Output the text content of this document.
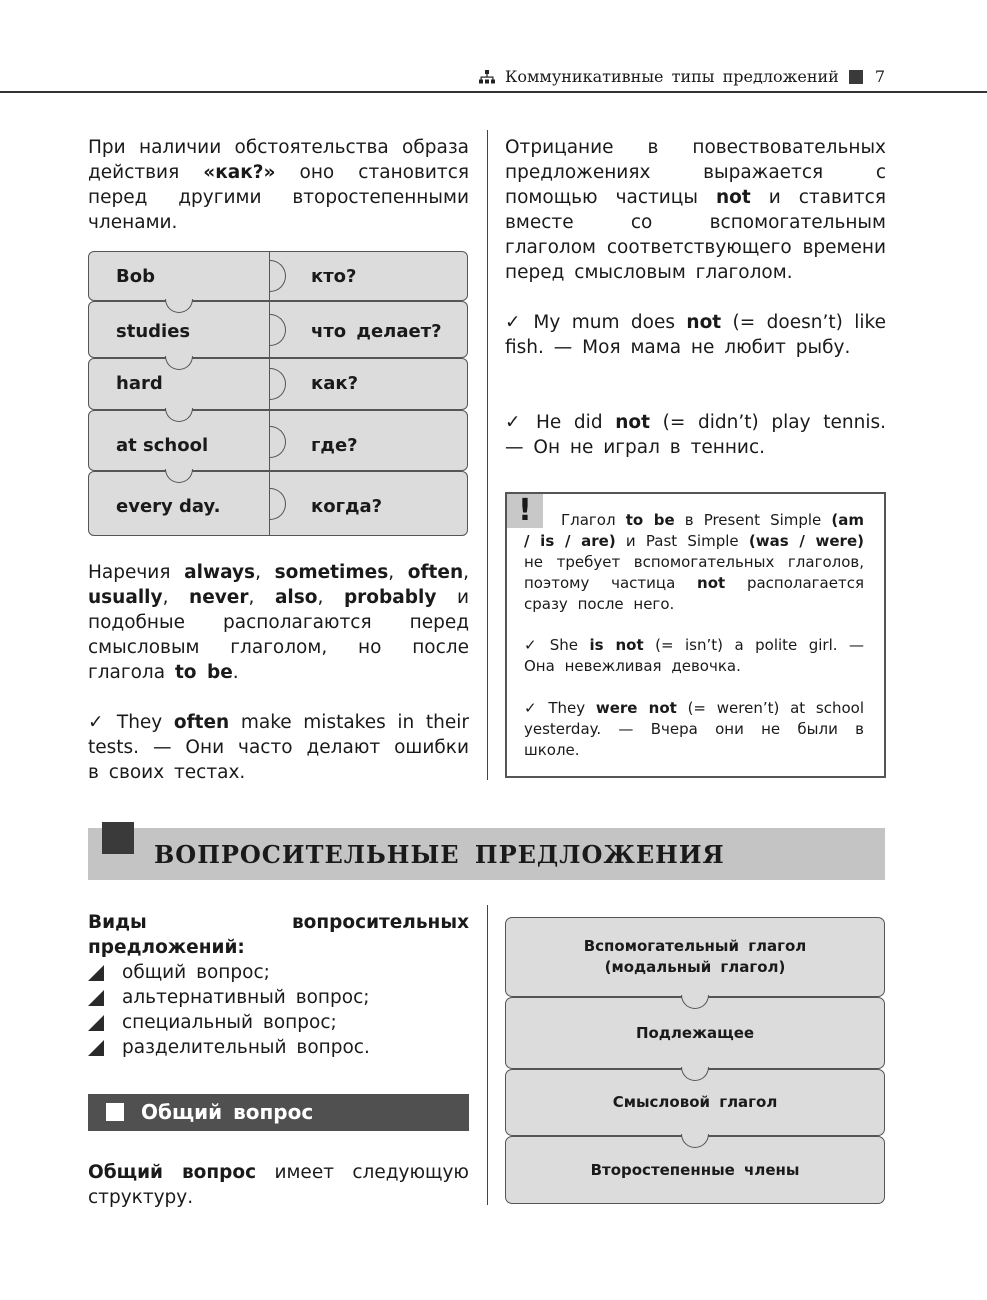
Коммуникативные типы предложений 7
При наличии обстоятельства образа действия «как?» оно становится перед другими второстепенными членами.
Bob	кто?
studies	что делает?
hard	как?
at school	где?
every day.	когда?
Наречия always, sometimes, often, usually, never, also, probably и подобные располагаются перед смысловым глаголом, но после глагола to be.
✓ They often make mistakes in their tests. — Они часто делают ошибки в своих тестах.
Отрицание в повествовательных предложениях выражается с помощью частицы not и ставится вместе со вспомогательным глаголом соответствующего времени перед смысловым глаголом.
✓ My mum does not (= doesn’t) like fish. — Моя мама не любит рыбу.
✓ He did not (= didn’t) play tennis. — Он не играл в теннис.
!	Глагол to be в Present Simple (am / is / are) и Past Simple (was / were) не требует вспомогательных глаголов, поэтому частица not располагается сразу после него.
✓ She is not (= isn’t) a polite girl. — Она невежливая девочка.
✓ They were not (= weren’t) at school yesterday. — Вчера они не были в школе.
ВОПРОСИТЕЛЬНЫЕ ПРЕДЛОЖЕНИЯ
Виды вопросительных предложений:
общий вопрос;
альтернативный вопрос;
специальный вопрос;
разделительный вопрос.
Общий вопрос
Общий вопрос имеет следующую структуру.
Вспомогательный глагол
(модальный глагол)
Подлежащее
Смысловой глагол
Второстепенные члены
